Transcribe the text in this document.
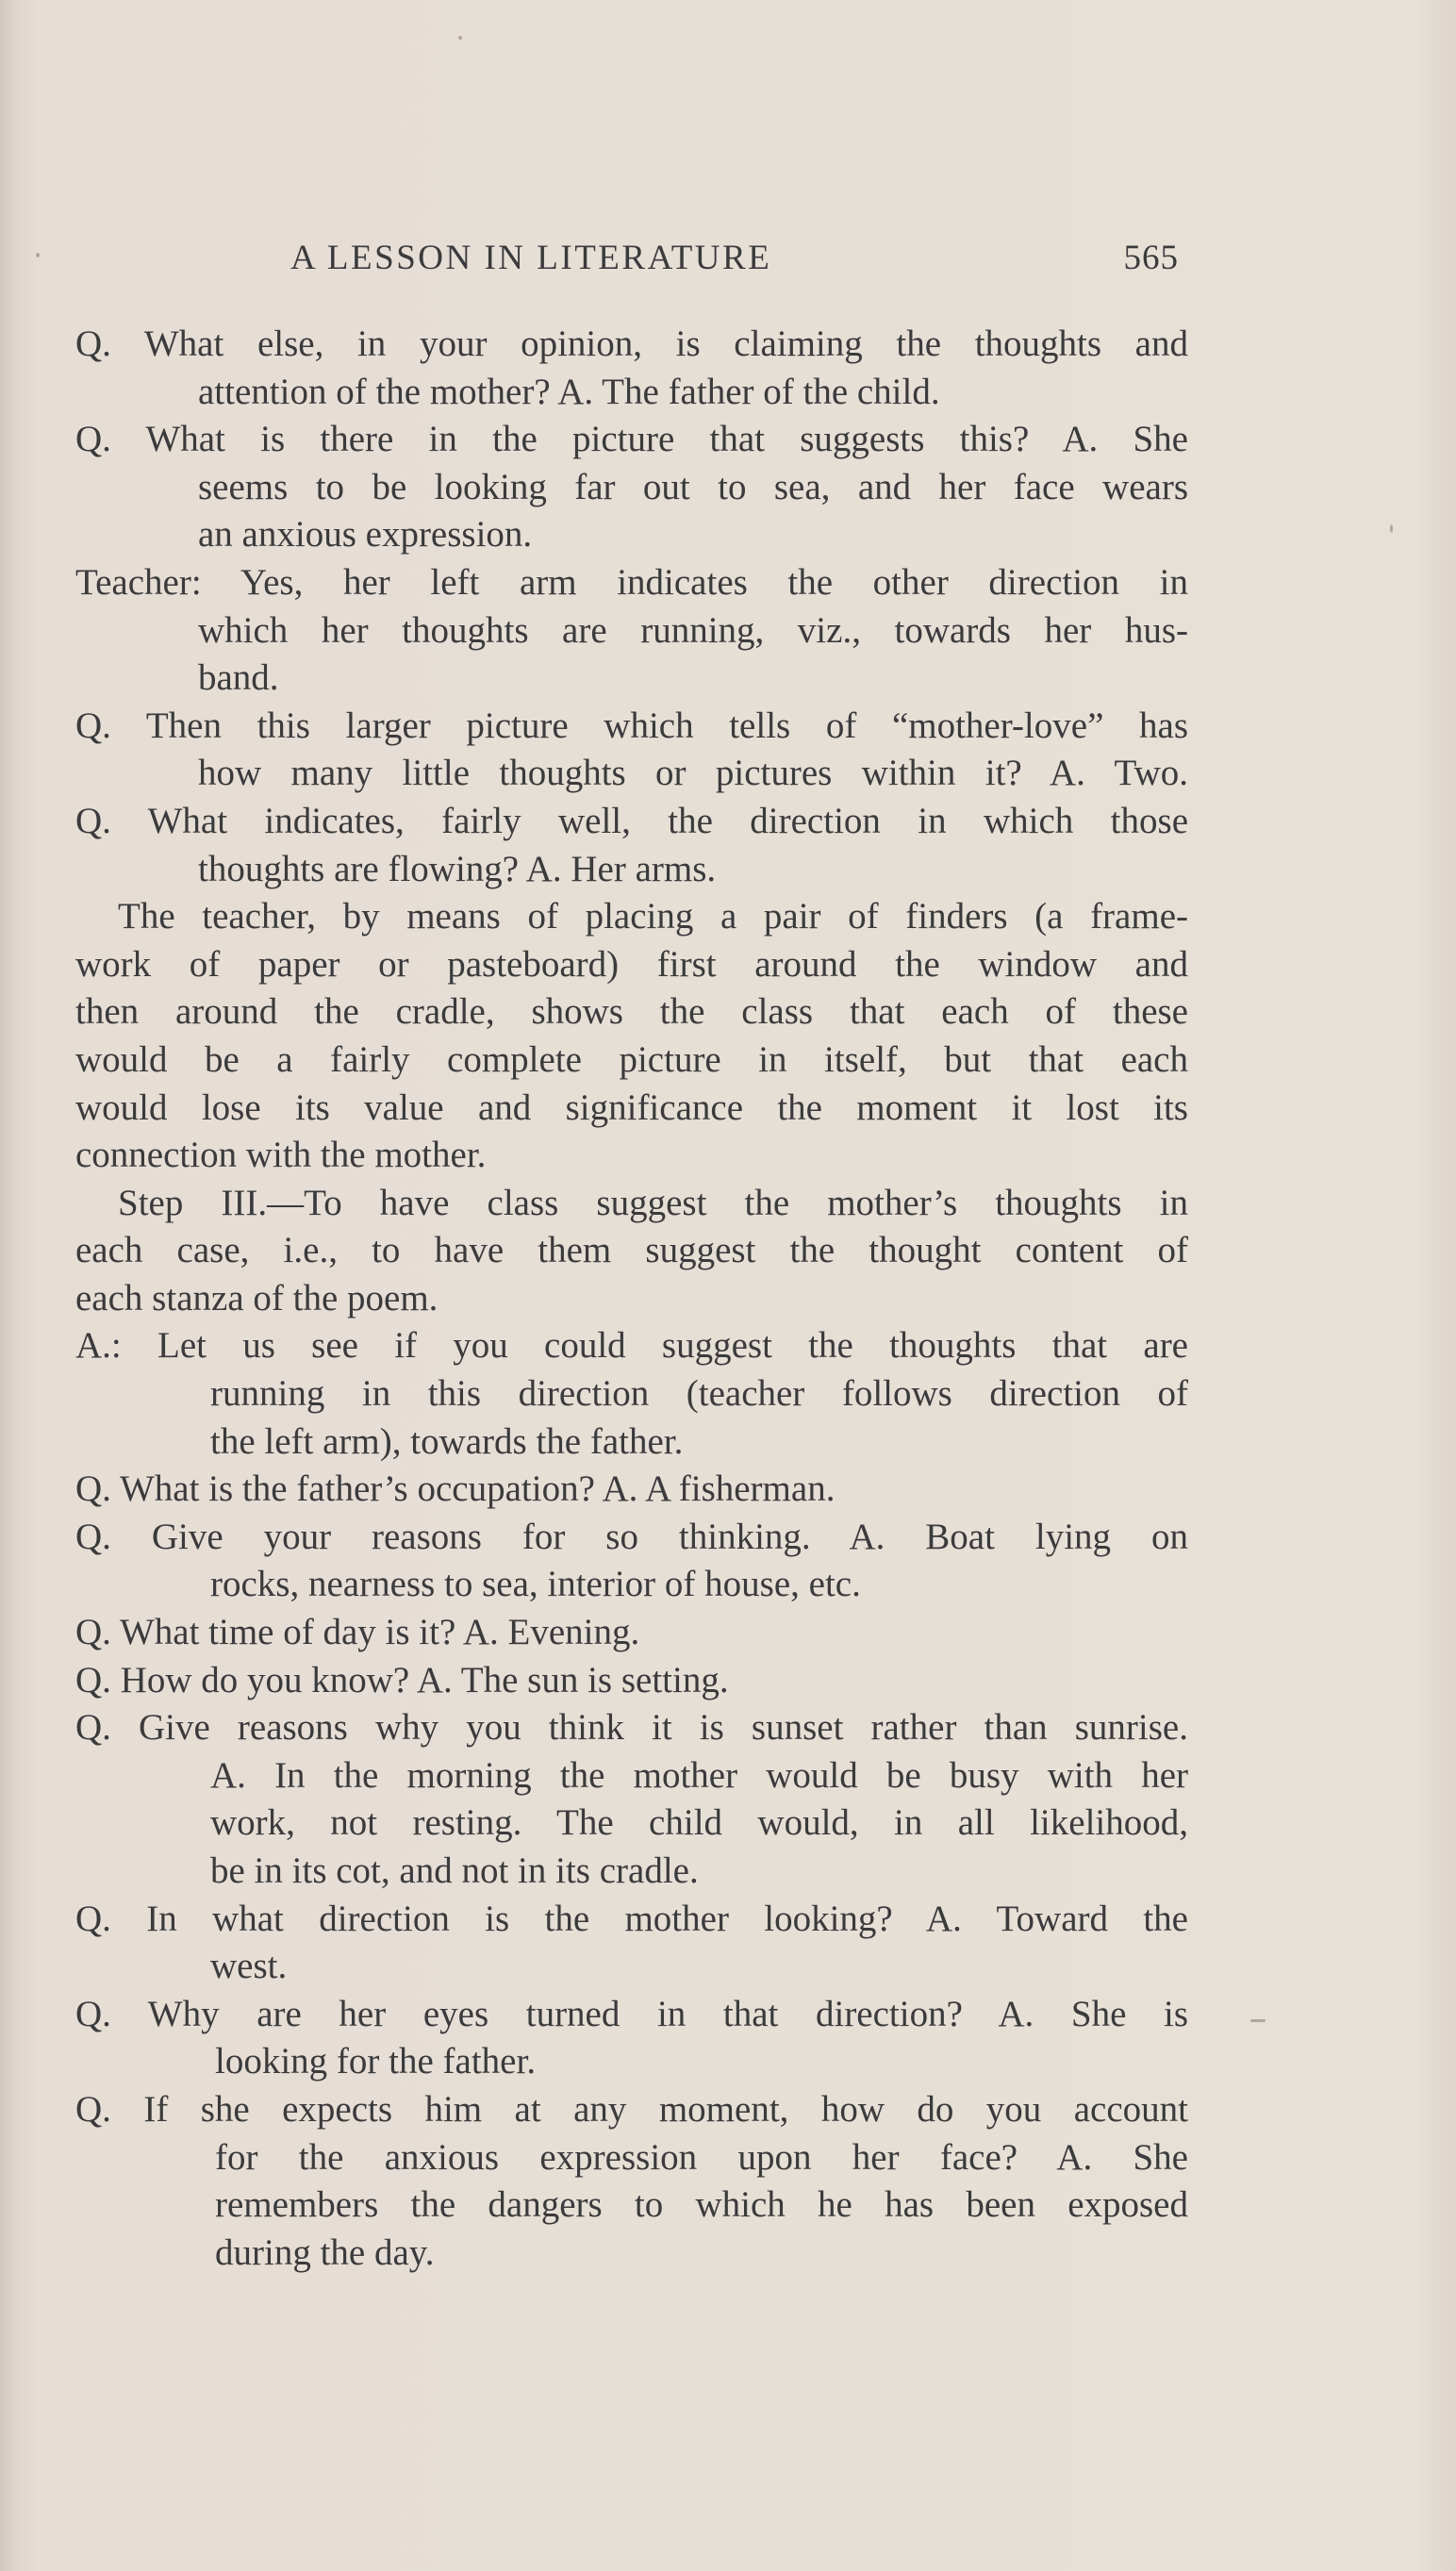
A LESSON IN LITERATURE	565
Q. What else, in your opinion, is claiming the thoughts and
attention of the mother? A. The father of the child.
Q. What is there in the picture that suggests this? A. She
seems to be looking far out to sea, and her face wears
an anxious expression.
Teacher: Yes, her left arm indicates the other direction in
which her thoughts are running, viz., towards her hus-
band.
Q. Then this larger picture which tells of “mother-love” has
how many little thoughts or pictures within it? A. Two.
Q. What indicates, fairly well, the direction in which those
thoughts are flowing? A. Her arms.
The teacher, by means of placing a pair of finders (a frame-
work of paper or pasteboard) first around the window and
then around the cradle, shows the class that each of these
would be a fairly complete picture in itself, but that each
would lose its value and significance the moment it lost its
connection with the mother.
Step III.—To have class suggest the mother’s thoughts in
each case, i.e., to have them suggest the thought content of
each stanza of the poem.
A.: Let us see if you could suggest the thoughts that are
running in this direction (teacher follows direction of
the left arm), towards the father.
Q. What is the father’s occupation? A. A fisherman.
Q. Give your reasons for so thinking. A. Boat lying on
rocks, nearness to sea, interior of house, etc.
Q. What time of day is it? A. Evening.
Q. How do you know? A. The sun is setting.
Q. Give reasons why you think it is sunset rather than sunrise.
A. In the morning the mother would be busy with her
work, not resting. The child would, in all likelihood,
be in its cot, and not in its cradle.
Q. In what direction is the mother looking? A. Toward the
west.
Q. Why are her eyes turned in that direction? A. She is
looking for the father.
Q. If she expects him at any moment, how do you account
for the anxious expression upon her face? A. She
remembers the dangers to which he has been exposed
during the day.
